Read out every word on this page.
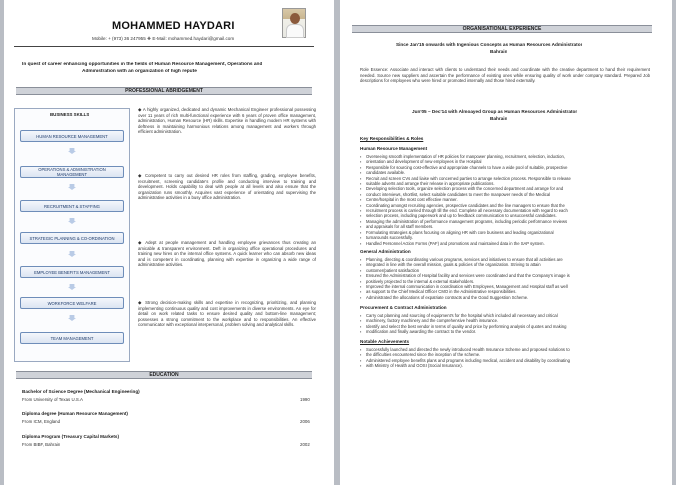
MOHAMMED HAYDARI
Mobile: + (973) 36 247955 ❖ E-Mail: mohammed.haydari@gmail.com
In quest of career enhancing opportunities in the fields of Human Resource Management, Operations and
Administration with an organization of high repute
PROFESSIONAL ABRIDGEMENT
BUSINESS SKILLS
HUMAN RESOURCE MANAGEMENT
OPERATIONS & ADMINISTRATION MANAGEMENT
RECRUITMENT & STAFFING
STRATEGIC PLANNING & CO-ORDINATION
EMPLOYEE BENEFITS MANAGEMENT
WORKFORCE WELFARE
TEAM MANAGEMENT
◆ A highly organized, dedicated and dynamic Mechanical Engineer professional possessing over 11 years of rich multi-functional experience with 6 years of proven office management, administration, Human Resource (HR) skills. Expertise in handling modern HR systems with deftness in maintaining harmonious relations among management and workers through efficient administration.
◆ Competent to carry out desired HR roles from staffing, grading, employee benefits, recruitment, screening candidate's profile and conducting interview to training and development. Holds capability to deal with people at all levels and also ensure that the organization runs smoothly. Acquires vast experience of orientating and supervising the administrative activities in a busy office administration.
◆ Adept at people management and handling employee grievances thus creating an amicable & transparent environment. Deft in organizing office operational procedures and training new hires on the internal office systems. A quick learner who can absorb new ideas and is competent in coordinating, planning with expertise in organizing a wide range of administrative activities.
◆ Strong decision-making skills and expertise in recognizing, prioritizing, and planning implementing continuous quality and cost improvements in diverse environments. An eye for detail on work related tasks to ensure desired quality and bottom-line management; possesses a strong commitment to the workplace and to responsibilities. An effective communicator with exceptional interpersonal, problem solving and analytical skills.
EDUCATION
Bachelor of Science Degree (Mechanical Engineering)
From University of Texas U.S.A	1990
Diploma degree (Human Resource Management)
From ICM, England	2006
Diploma Program (Treasury Capital Markets)
From BIBF, Bahrain	2002
ORGANISATIONAL EXPERIENCE
Since Jan'15 onwards with Ingenious Concepts as Human Resources Administrator
Bahrain
Role Essence: Associate and interact with clients to understand their needs and coordinate with the creative department to hand their requirement needed. Source new suppliers and ascertain the performance of existing ones while ensuring quality of work under company standard. Prepared Job descriptions for employees who were hired or promoted internally and those hired externally.
Jun'05 – Dec'14 with Almoayed Group as Human Resources Administrator
Bahrain
Key Responsibilities & Roles
Human Resource Management
▪ Overseeing smooth implementation of HR policies for manpower planning, recruitment, selection, induction,
▪ orientation and development of new employees in the Hospital
▪ Responsible for sourcing cost-effective and appropriate channels to have a wide pool of suitable, prospective
▪ candidates available.
▪ Recruit and screen CVs and liaise with concerned parties to arrange selection process. Responsible to release
▪ suitable adverts and arrange their release in appropriate publications.
▪ Developing selection tools, organize selection process with the concerned department and arrange for and
▪ conduct interviews, shortlist, select suitable candidates to meet the manpower needs of the Medical
▪ Centre/hospital in the most cost effective manner.
▪ Coordinating amongst recruiting agencies, prospective candidates and the line managers to ensure that the
▪ recruitment process is carried through till the end. Complete all necessary documentation with regard to each
▪ selection process, including paperwork and up to feedback communication to unsuccessful candidates.
▪ Managing the administration of performance management programs, including periodic performance reviews
▪ and appraisals for all staff members.
▪ Formulating strategies & plans focusing on aligning HR with core business and leading organizational
▪ turnarounds successfully.
▪ Handled Personnel Action Forms (PAF) and promotions and maintained data in the SAP system.
General Administration
▪ Planning, directing & coordinating various programs, services and initiatives to ensure that all activities are
▪ integrated in line with the overall mission, goals & policies of the organization. Striving to attain
▪ customer/patient satisfaction
▪ Ensured the Administration of Hospital facility and services were coordinated and that the Company's image is
▪ positively projected to the internal & external stakeholders.
▪ Improved the internal communication in coordination with Employees, Management and Hospital staff as well
▪ as support to the Chief Medical Officer CMO in the Administrative responsibilities.
▪ Administrated the allocations of expatriate contracts and the Good Suggestion Scheme.
Procurement & Contract Administration
▪ Carry out planning and sourcing of equipment's for the hospital which included all necessary and critical
▪ machinery, factory machinery and the comprehensive health insurance.
▪ Identify and select the best vendor in terms of quality and price by performing analysis of quotes and making
▪ modification and finally awarding the contract to the vendor.
Notable Achievements
▪ Successfully launched and directed the newly introduced Health Insurance Scheme and proposed solutions to
▪ the difficulties encountered since the inception of the scheme.
▪ Administered employee benefits plans and programs including medical, accident and disability by coordinating
▪ with Ministry of Health and GOSI (Social Insurance).
